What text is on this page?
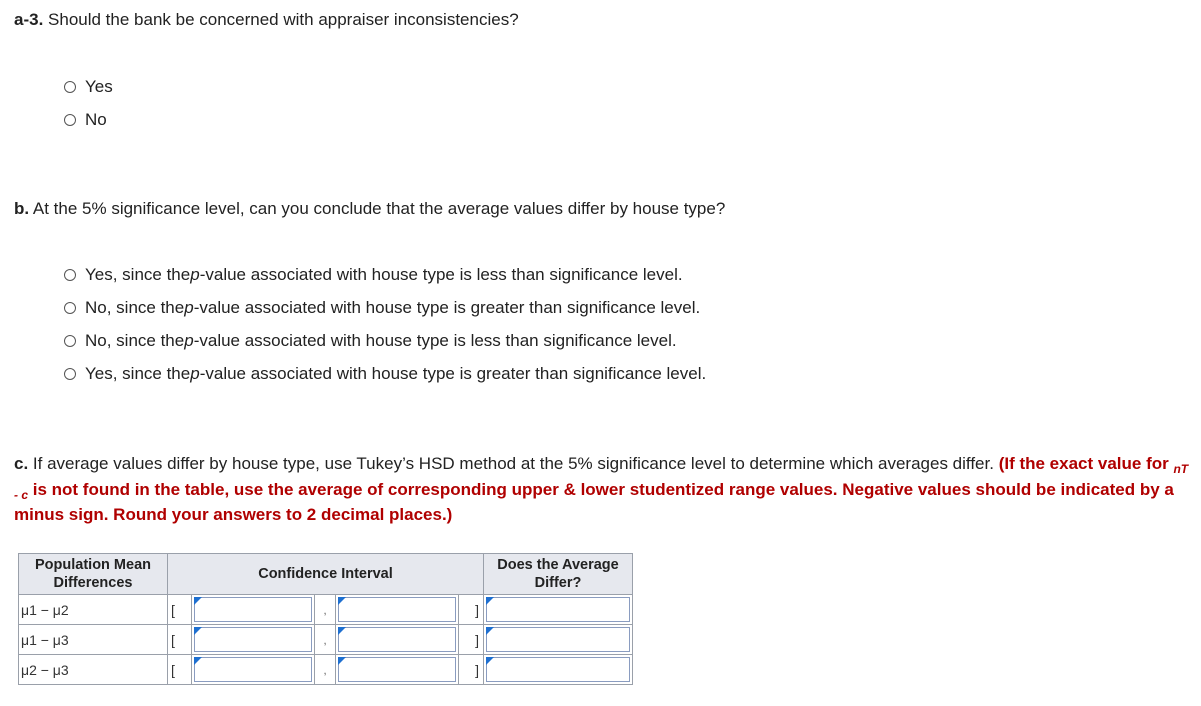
a-3. Should the bank be concerned with appraiser inconsistencies?
Yes
No
b. At the 5% significance level, can you conclude that the average values differ by house type?
Yes, since the p -value associated with house type is less than significance level.
No, since the p -value associated with house type is greater than significance level.
No, since the p -value associated with house type is less than significance level.
Yes, since the p -value associated with house type is greater than significance level.
c. If average values differ by house type, use Tukey’s HSD method at the 5% significance level to determine which averages differ. (If the exact value for $_{nT - c}$ is not found in the table, use the average of corresponding upper & lower studentized range values. Negative values should be indicated by a minus sign. Round your answers to 2 decimal places.)
Population Mean Differences	Confidence Interval					Does the Average Differ?
μ1 − μ2	[		,		]	

μ1 − μ3	[		,		]	

μ2 − μ3	[		,		]	
